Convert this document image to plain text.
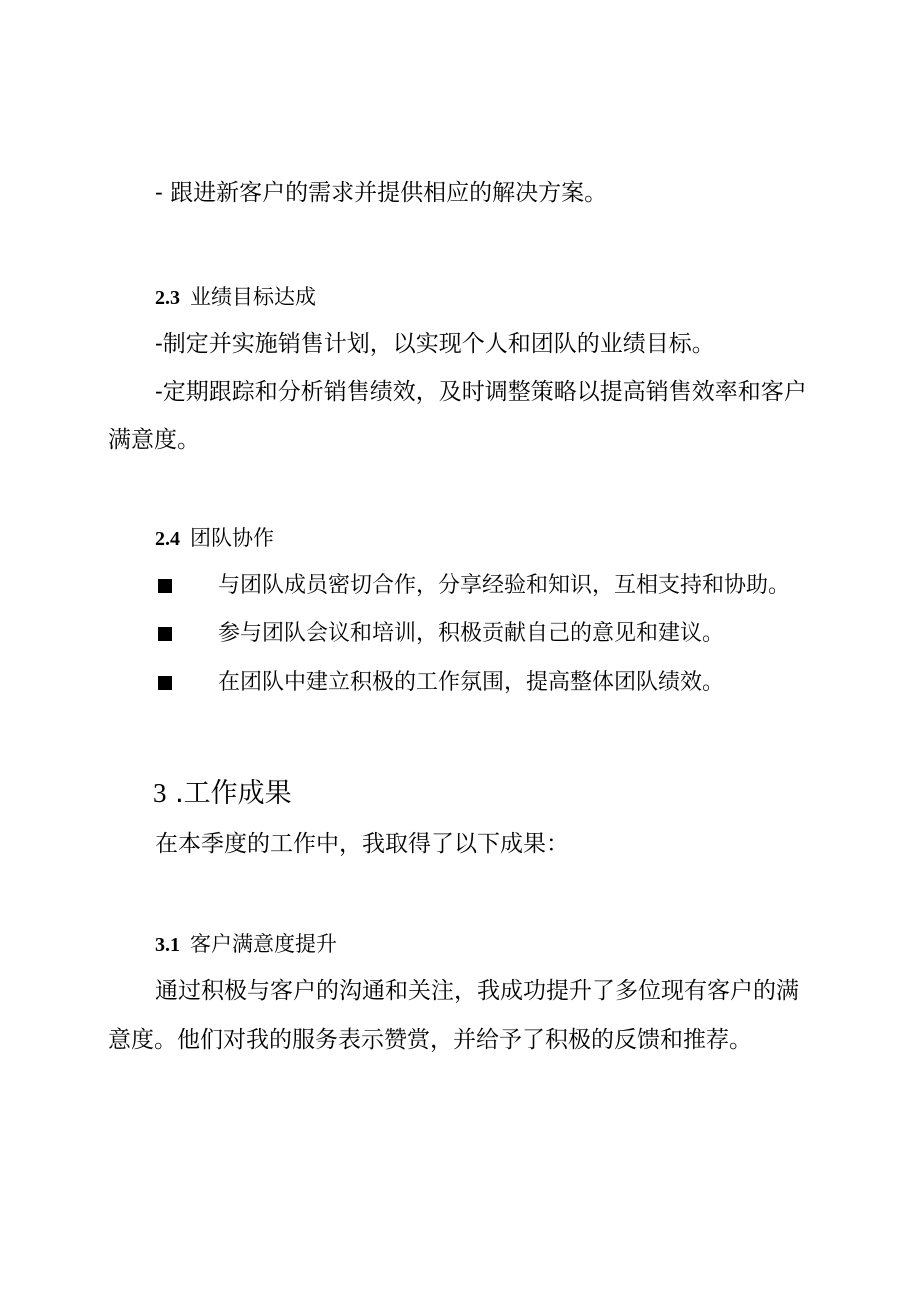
- 跟进新客户的需求并提供相应的解决方案。

2.3 业绩目标达成

-制定并实施销售计划，以实现个人和团队的业绩目标。

-定期跟踪和分析销售绩效，及时调整策略以提高销售效率和客户

满意度。

2.4 团队协作

与团队成员密切合作，分享经验和知识，互相支持和协助。

参与团队会议和培训，积极贡献自己的意见和建议。

在团队中建立积极的工作氛围，提高整体团队绩效。

3 .工作成果

在本季度的工作中，我取得了以下成果：

3.1 客户满意度提升

通过积极与客户的沟通和关注，我成功提升了多位现有客户的满

意度。他们对我的服务表示赞赏，并给予了积极的反馈和推荐。
